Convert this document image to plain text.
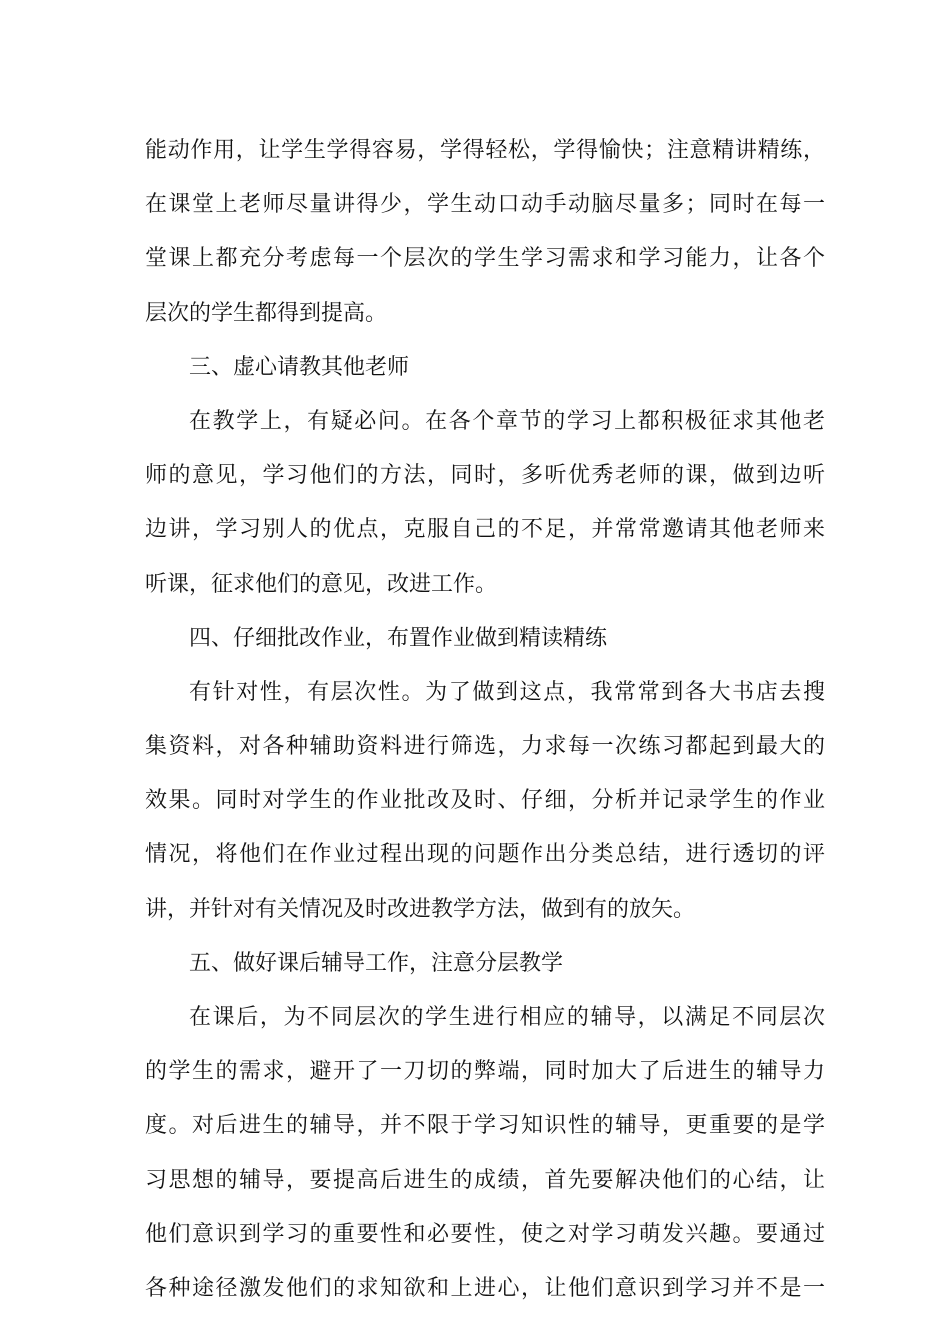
能动作用，让学生学得容易，学得轻松，学得愉快；注意精讲精练，
在课堂上老师尽量讲得少，学生动口动手动脑尽量多；同时在每一
堂课上都充分考虑每一个层次的学生学习需求和学习能力，让各个
层次的学生都得到提高。
三、虚心请教其他老师
在教学上，有疑必问。在各个章节的学习上都积极征求其他老
师的意见，学习他们的方法，同时，多听优秀老师的课，做到边听
边讲，学习别人的优点，克服自己的不足，并常常邀请其他老师来
听课，征求他们的意见，改进工作。
四、仔细批改作业，布置作业做到精读精练
有针对性，有层次性。为了做到这点，我常常到各大书店去搜
集资料，对各种辅助资料进行筛选，力求每一次练习都起到最大的
效果。同时对学生的作业批改及时、仔细，分析并记录学生的作业
情况，将他们在作业过程出现的问题作出分类总结，进行透切的评
讲，并针对有关情况及时改进教学方法，做到有的放矢。
五、做好课后辅导工作，注意分层教学
在课后，为不同层次的学生进行相应的辅导，以满足不同层次
的学生的需求，避开了一刀切的弊端，同时加大了后进生的辅导力
度。对后进生的辅导，并不限于学习知识性的辅导，更重要的是学
习思想的辅导，要提高后进生的成绩，首先要解决他们的心结，让
他们意识到学习的重要性和必要性，使之对学习萌发兴趣。要通过
各种途径激发他们的求知欲和上进心，让他们意识到学习并不是一
